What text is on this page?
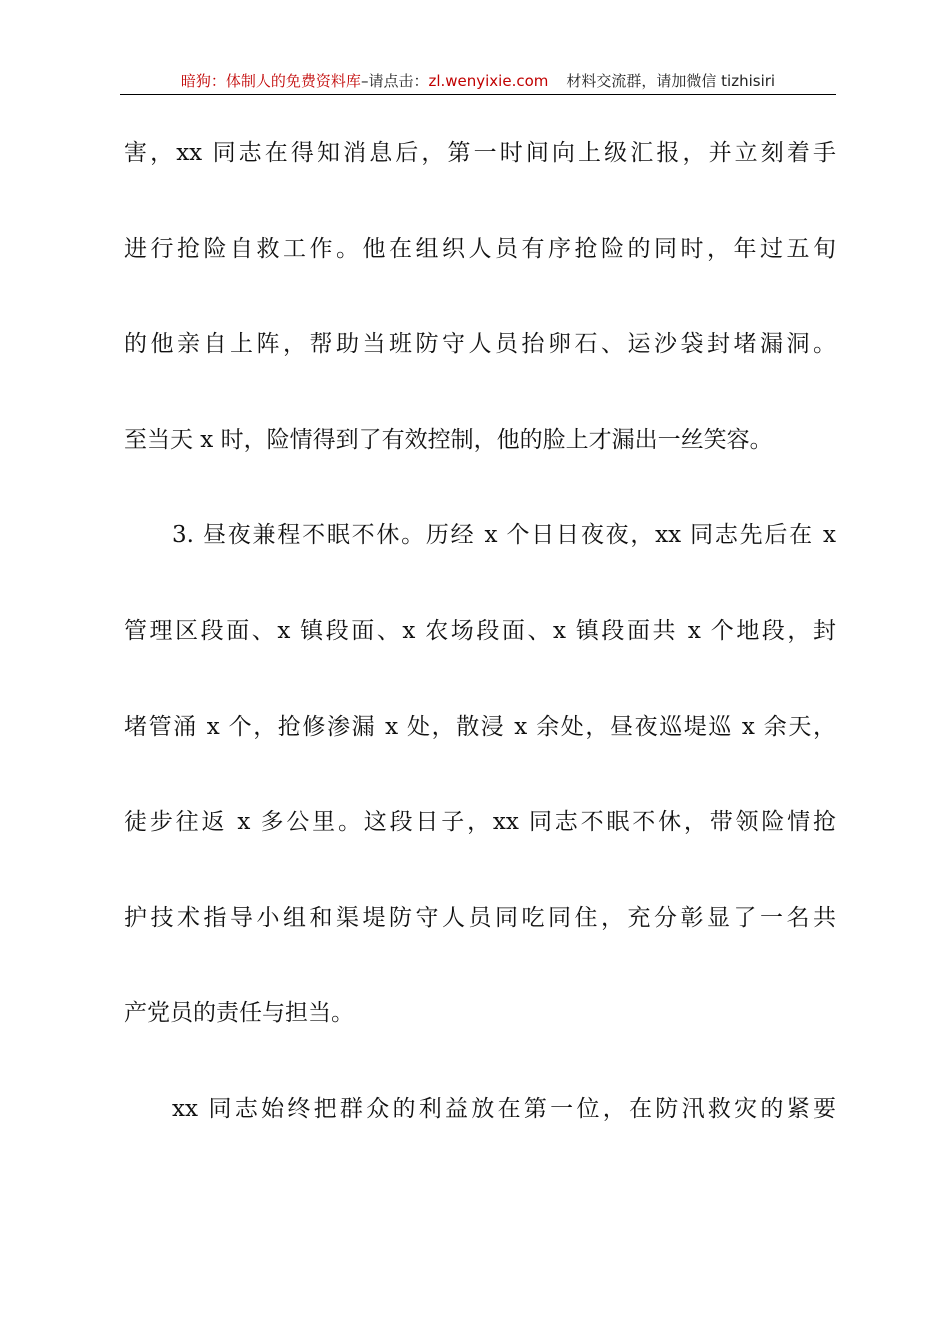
暗狗：体制人的免费资料库–请点击：zl.wenyixie.com 材料交流群，请加微信 tizhisiri
害，xx 同志在得知消息后，第一时间向上级汇报，并立刻着手
进行抢险自救工作。他在组织人员有序抢险的同时，年过五旬
的他亲自上阵，帮助当班防守人员抬卵石、运沙袋封堵漏洞。
至当天 x 时，险情得到了有效控制，他的脸上才漏出一丝笑容。
3. 昼夜兼程不眠不休。历经 x 个日日夜夜，xx 同志先后在 x
管理区段面、x 镇段面、x 农场段面、x 镇段面共 x 个地段，封
堵管涌 x 个，抢修渗漏 x 处，散浸 x 余处，昼夜巡堤巡 x 余天，
徒步往返 x 多公里。这段日子，xx 同志不眠不休，带领险情抢
护技术指导小组和渠堤防守人员同吃同住，充分彰显了一名共
产党员的责任与担当。
xx 同志始终把群众的利益放在第一位，在防汛救灾的紧要
